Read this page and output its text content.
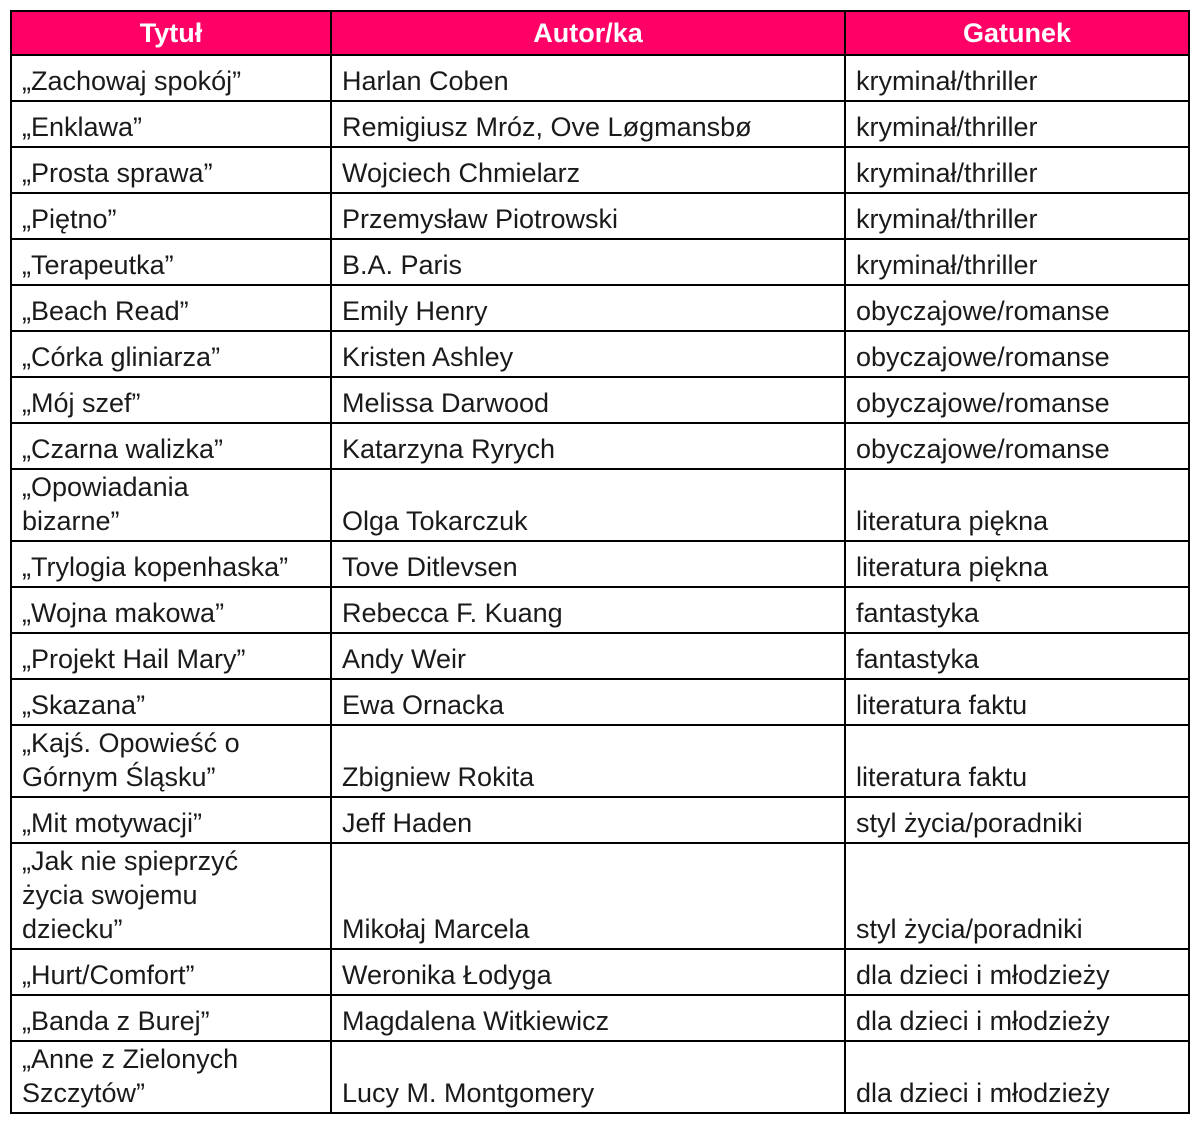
Tytuł	Autor/ka	Gatunek
„Zachowaj spokój”	Harlan Coben	kryminał/thriller
„Enklawa”	Remigiusz Mróz, Ove Løgmansbø	kryminał/thriller
„Prosta sprawa”	Wojciech Chmielarz	kryminał/thriller
„Piętno”	Przemysław Piotrowski	kryminał/thriller
„Terapeutka”	B.A. Paris	kryminał/thriller
„Beach Read”	Emily Henry	obyczajowe/romanse
„Córka gliniarza”	Kristen Ashley	obyczajowe/romanse
„Mój szef”	Melissa Darwood	obyczajowe/romanse
„Czarna walizka”	Katarzyna Ryrych	obyczajowe/romanse
„Opowiadania
bizarne”	Olga Tokarczuk	literatura piękna
„Trylogia kopenhaska”	Tove Ditlevsen	literatura piękna
„Wojna makowa”	Rebecca F. Kuang	fantastyka
„Projekt Hail Mary”	Andy Weir	fantastyka
„Skazana”	Ewa Ornacka	literatura faktu
„Kajś. Opowieść o
Górnym Śląsku”	Zbigniew Rokita	literatura faktu
„Mit motywacji”	Jeff Haden	styl życia/poradniki
„Jak nie spieprzyć
życia swojemu
dziecku”	Mikołaj Marcela	styl życia/poradniki
„Hurt/Comfort”	Weronika Łodyga	dla dzieci i młodzieży
„Banda z Burej”	Magdalena Witkiewicz	dla dzieci i młodzieży
„Anne z Zielonych
Szczytów”	Lucy M. Montgomery	dla dzieci i młodzieży
